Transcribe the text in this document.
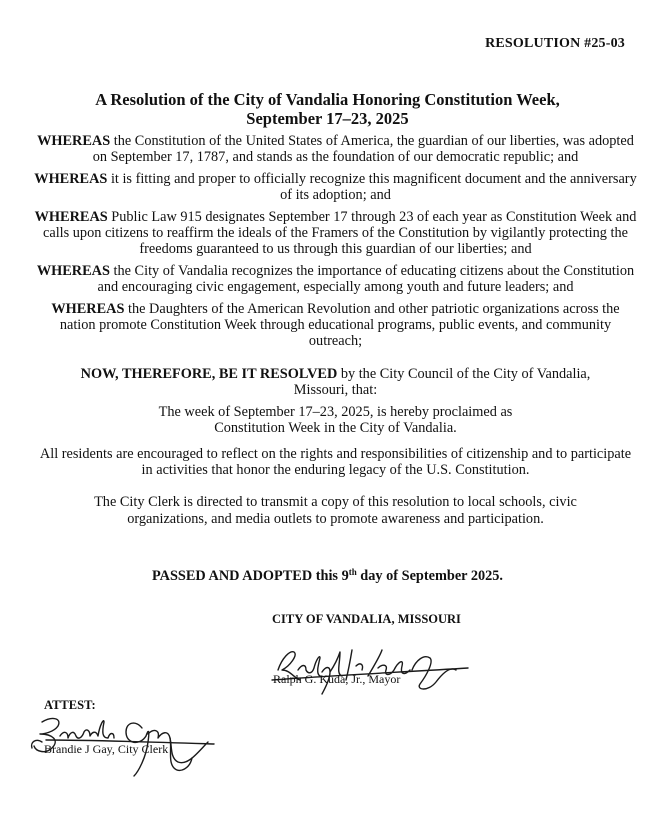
RESOLUTION #25-03
A Resolution of the City of Vandalia Honoring Constitution Week,
September 17–23, 2025

WHEREAS the Constitution of the United States of America, the guardian of our liberties, was adopted on September 17, 1787, and stands as the foundation of our democratic republic; and

WHEREAS it is fitting and proper to officially recognize this magnificent document and the anniversary of its adoption; and

WHEREAS Public Law 915 designates September 17 through 23 of each year as Constitution Week and calls upon citizens to reaffirm the ideals of the Framers of the Constitution by vigilantly protecting the freedoms guaranteed to us through this guardian of our liberties; and

WHEREAS the City of Vandalia recognizes the importance of educating citizens about the Constitution and encouraging civic engagement, especially among youth and future leaders; and

WHEREAS the Daughters of the American Revolution and other patriotic organizations across the nation promote Constitution Week through educational programs, public events, and community outreach;

NOW, THEREFORE, BE IT RESOLVED by the City Council of the City of Vandalia, Missouri, that:

The week of September 17–23, 2025, is hereby proclaimed as Constitution Week in the City of Vandalia.

All residents are encouraged to reflect on the rights and responsibilities of citizenship and to participate in activities that honor the enduring legacy of the U.S. Constitution.

The City Clerk is directed to transmit a copy of this resolution to local schools, civic organizations, and media outlets to promote awareness and participation.

PASSED AND ADOPTED this 9th day of September 2025.
CITY OF VANDALIA, MISSOURI
Ralph G. Kuda, Jr., Mayor
ATTEST:
Brandie J Gay, City Clerk
